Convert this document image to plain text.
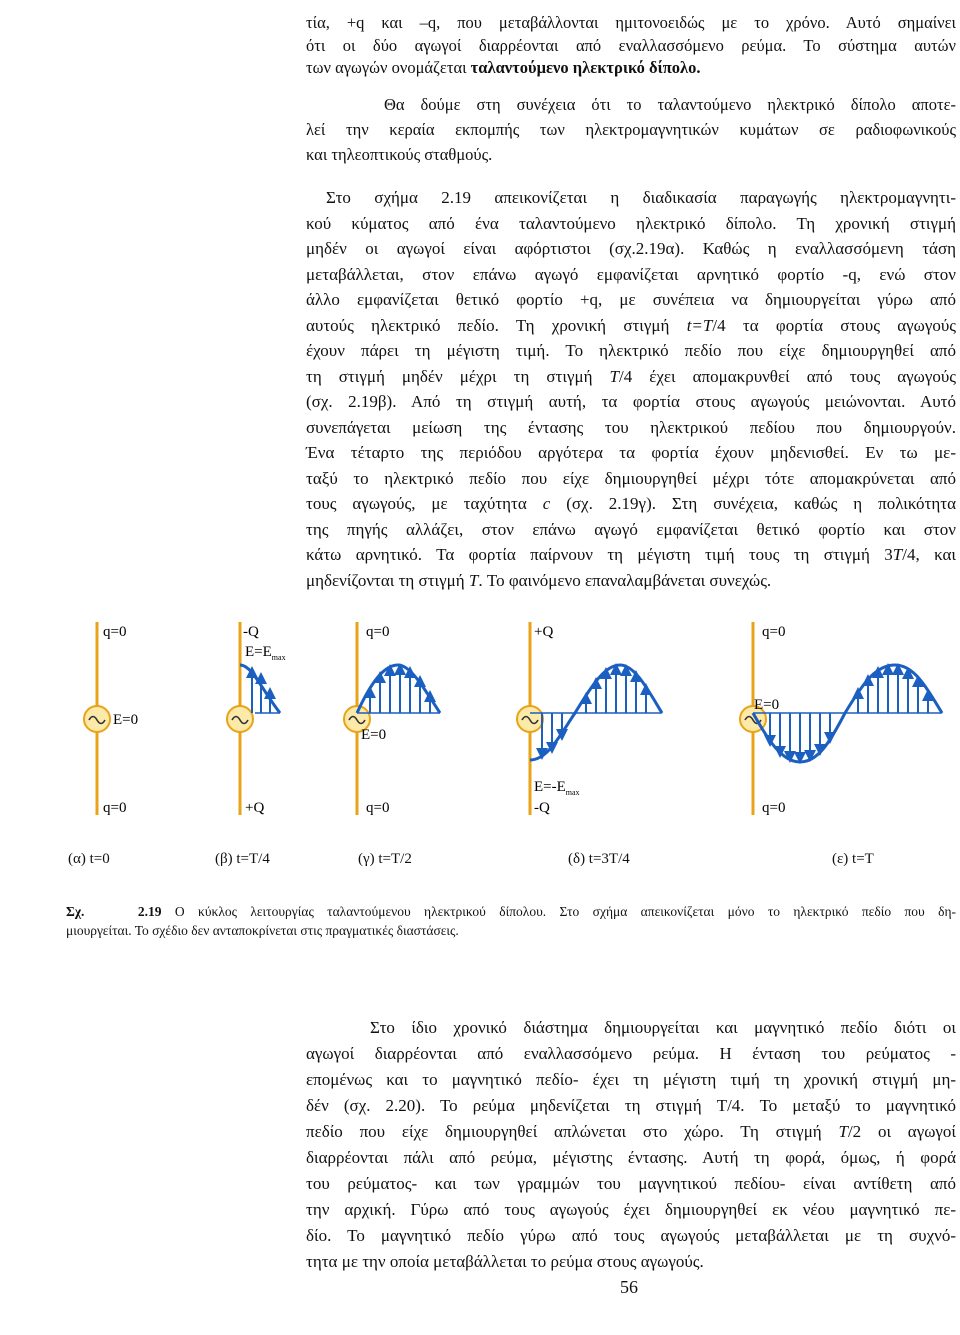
τία, +q και –q, που μεταβάλλονται ημιτονοειδώς με το χρόνο. Αυτό σημαίνει
ότι οι δύο αγωγοί διαρρέονται από εναλλασσόμενο ρεύμα. Το σύστημα αυτών
των αγωγών ονομάζεται ταλαντούμενο ηλεκτρικό δίπολο.
Θα δούμε στη συνέχεια ότι το ταλαντούμενο ηλεκτρικό δίπολο αποτε-
λεί την κεραία εκπομπής των ηλεκτρομαγνητικών κυμάτων σε ραδιοφωνικούς
και τηλεοπτικούς σταθμούς.
Στο σχήμα 2.19 απεικονίζεται η διαδικασία παραγωγής ηλεκτρομαγνητι-
κού κύματος από ένα ταλαντούμενο ηλεκτρικό δίπολο. Τη χρονική στιγμή
μηδέν οι αγωγοί είναι αφόρτιστοι (σχ.2.19α). Καθώς η εναλλασσόμενη τάση
μεταβάλλεται, στον επάνω αγωγό εμφανίζεται αρνητικό φορτίο -q, ενώ στον
άλλο εμφανίζεται θετικό φορτίο +q, με συνέπεια να δημιουργείται γύρω από
αυτούς ηλεκτρικό πεδίο. Τη χρονική στιγμή t=T/4 τα φορτία στους αγωγούς
έχουν πάρει τη μέγιστη τιμή. Το ηλεκτρικό πεδίο που είχε δημιουργηθεί από
τη στιγμή μηδέν μέχρι τη στιγμή T/4 έχει απομακρυνθεί από τους αγωγούς
(σχ. 2.19β). Από τη στιγμή αυτή, τα φορτία στους αγωγούς μειώνονται. Αυτό
συνεπάγεται μείωση της έντασης του ηλεκτρικού πεδίου που δημιουργούν.
Ένα τέταρτο της περιόδου αργότερα τα φορτία έχουν μηδενισθεί. Εν τω με-
ταξύ το ηλεκτρικό πεδίο που είχε δημιουργηθεί μέχρι τότε απομακρύνεται από
τους αγωγούς, με ταχύτητα c (σχ. 2.19γ). Στη συνέχεια, καθώς η πολικότητα
της πηγής αλλάζει, στον επάνω αγωγό εμφανίζεται θετικό φορτίο και στον
κάτω αρνητικό. Τα φορτία παίρνουν τη μέγιστη τιμή τους τη στιγμή 3T/4, και
μηδενίζονται τη στιγμή T. Το φαινόμενο επαναλαμβάνεται συνεχώς.
q=0
E=0
q=0
-Q
$E=E_{max}$
+Q
q=0
E=0
q=0
+Q
$E=-E_{max}$
-Q
q=0
E=0
q=0
(α) t=0	(β) t=T/4	(γ) t=T/2	(δ) t=3T/4	(ε) t=T
Σχ.    2.19 Ο κύκλος λειτουργίας ταλαντούμενου ηλεκτρικού δίπολου. Στο σχήμα απεικονίζεται μόνο το ηλεκτρικό πεδίο που δη-
μιουργείται. Το σχέδιο δεν ανταποκρίνεται στις πραγματικές διαστάσεις.
Στο ίδιο χρονικό διάστημα δημιουργείται και μαγνητικό πεδίο διότι οι
αγωγοί διαρρέονται από εναλλασσόμενο ρεύμα. Η ένταση του ρεύματος -
επομένως και το μαγνητικό πεδίο- έχει τη μέγιστη τιμή τη χρονική στιγμή μη-
δέν (σχ. 2.20). Το ρεύμα μηδενίζεται τη στιγμή T/4. Το μεταξύ το μαγνητικό
πεδίο που είχε δημιουργηθεί απλώνεται στο χώρο. Τη στιγμή T/2 οι αγωγοί
διαρρέονται πάλι από ρεύμα, μέγιστης έντασης. Αυτή τη φορά, όμως, ή φορά
του ρεύματος- και των γραμμών του μαγνητικού πεδίου- είναι αντίθετη από
την αρχική. Γύρω από τους αγωγούς έχει δημιουργηθεί εκ νέου μαγνητικό πε-
δίο. Το μαγνητικό πεδίο γύρω από τους αγωγούς μεταβάλλεται με τη συχνό-
τητα με την οποία μεταβάλλεται το ρεύμα στους αγωγούς.
56
